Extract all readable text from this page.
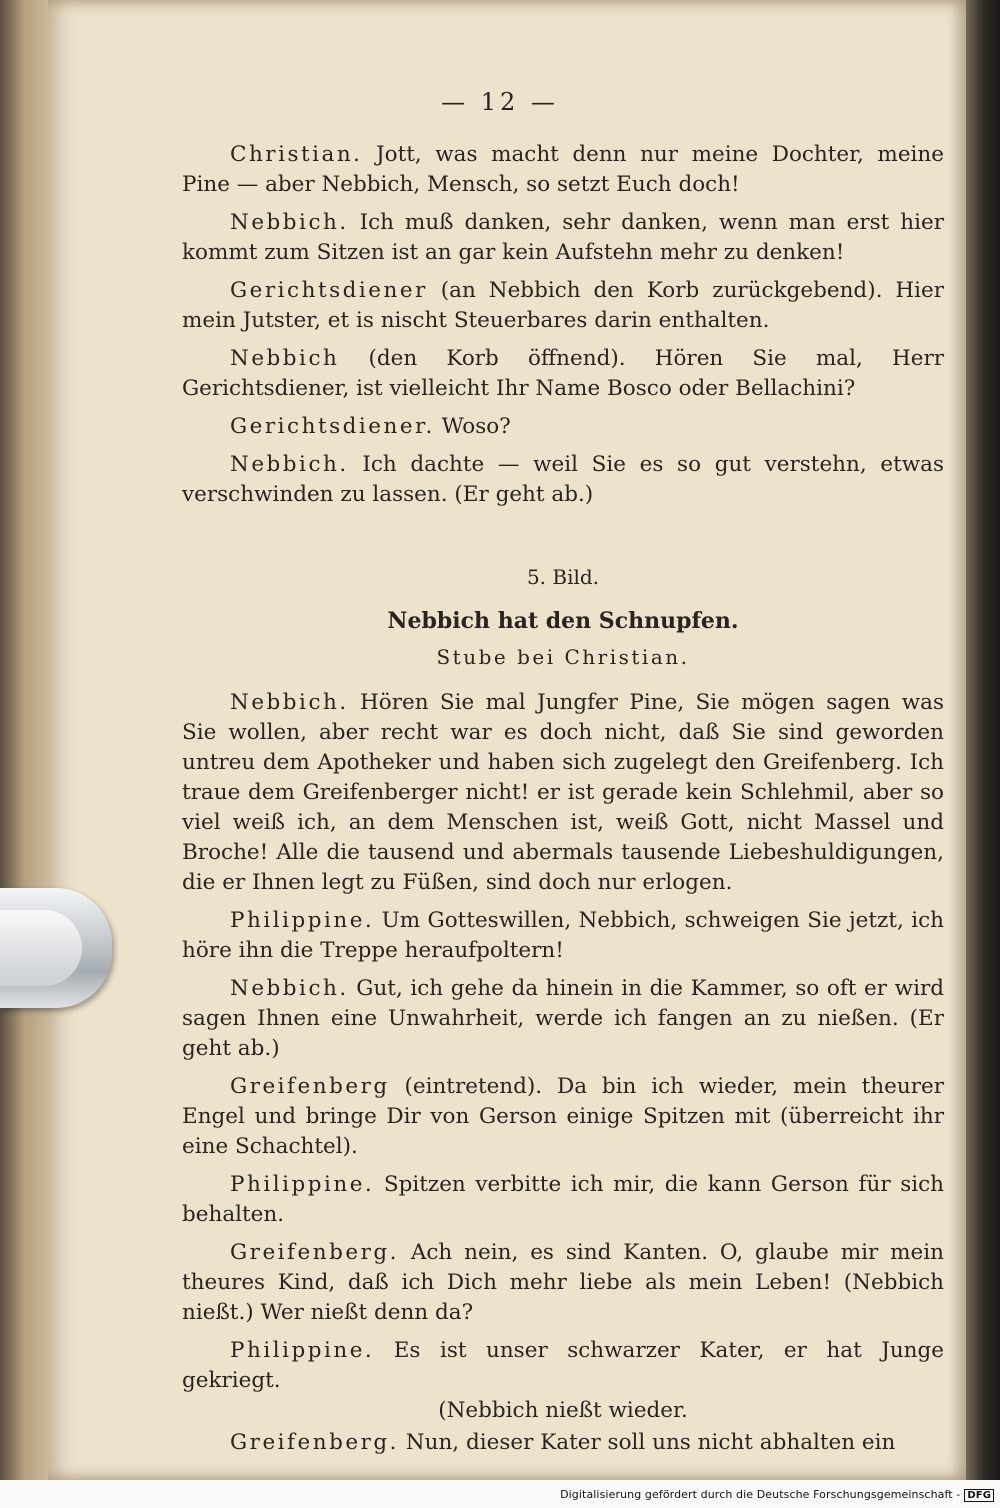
— 12 —

Christian. Jott, was macht denn nur meine Dochter, meine Pine — aber Nebbich, Mensch, so setzt Euch doch!

Nebbich. Ich muß danken, sehr danken, wenn man erst hier kommt zum Sitzen ist an gar kein Aufstehn mehr zu denken!

Gerichtsdiener (an Nebbich den Korb zurückgebend). Hier mein Jutster, et is nischt Steuerbares darin enthalten.

Nebbich (den Korb öffnend). Hören Sie mal, Herr Gerichtsdiener, ist vielleicht Ihr Name Bosco oder Bellachini?

Gerichtsdiener. Woso?

Nebbich. Ich dachte — weil Sie es so gut verstehn, etwas verschwinden zu lassen. (Er geht ab.)

5. Bild.

Nebbich hat den Schnupfen.

Stube bei Christian.

Nebbich. Hören Sie mal Jungfer Pine, Sie mögen sagen was Sie wollen, aber recht war es doch nicht, daß Sie sind geworden untreu dem Apotheker und haben sich zugelegt den Greifenberg. Ich traue dem Greifenberger nicht! er ist gerade kein Schlehmil, aber so viel weiß ich, an dem Menschen ist, weiß Gott, nicht Massel und Broche! Alle die tausend und abermals tausende Liebeshuldigungen, die er Ihnen legt zu Füßen, sind doch nur erlogen.

Philippine. Um Gotteswillen, Nebbich, schweigen Sie jetzt, ich höre ihn die Treppe heraufpoltern!

Nebbich. Gut, ich gehe da hinein in die Kammer, so oft er wird sagen Ihnen eine Unwahrheit, werde ich fangen an zu nießen. (Er geht ab.)

Greifenberg (eintretend). Da bin ich wieder, mein theurer Engel und bringe Dir von Gerson einige Spitzen mit (überreicht ihr eine Schachtel).

Philippine. Spitzen verbitte ich mir, die kann Gerson für sich behalten.

Greifenberg. Ach nein, es sind Kanten. O, glaube mir mein theures Kind, daß ich Dich mehr liebe als mein Leben! (Nebbich nießt.) Wer nießt denn da?

Philippine. Es ist unser schwarzer Kater, er hat Junge gekriegt.

(Nebbich nießt wieder.

Greifenberg. Nun, dieser Kater soll uns nicht abhalten ein

Digitalisierung gefördert durch die Deutsche Forschungsgemeinschaft - DFG
